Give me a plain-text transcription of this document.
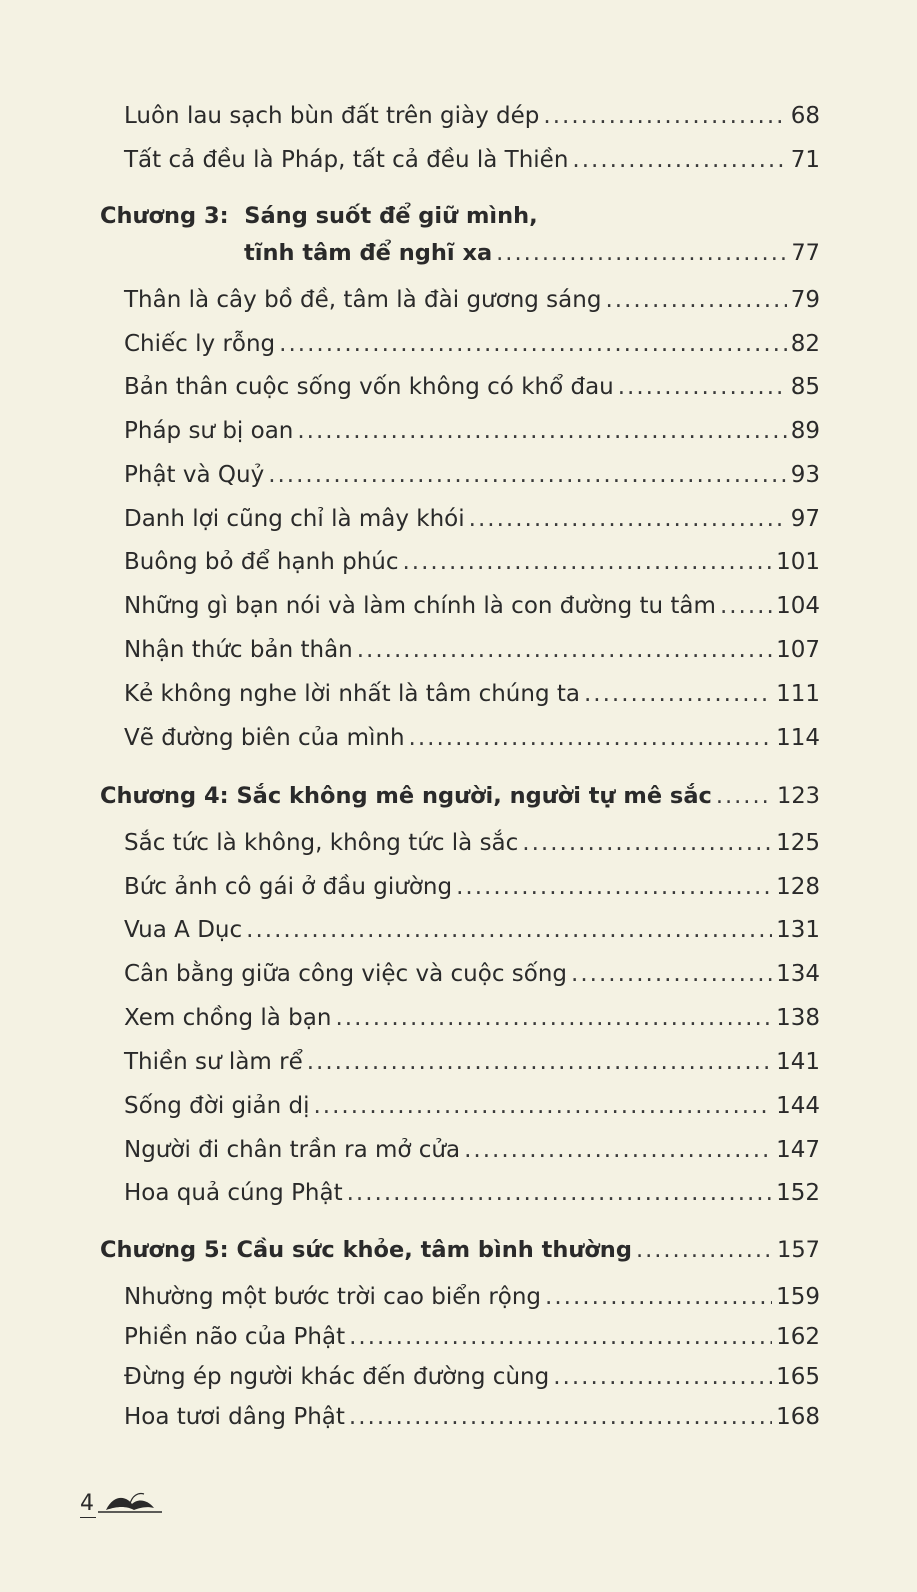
Luôn lau sạch bùn đất trên giày dép .....	68
Tất cả đều là Pháp, tất cả đều là Thiền .....	71
Chương 3: Sáng suốt để giữ mình,
tĩnh tâm để nghĩ xa .....	77
Thân là cây bồ đề, tâm là đài gương sáng .....	79
Chiếc ly rỗng .....	82
Bản thân cuộc sống vốn không có khổ đau .....	85
Pháp sư bị oan .....	89
Phật và Quỷ .....	93
Danh lợi cũng chỉ là mây khói .....	97
Buông bỏ để hạnh phúc .....	101
Những gì bạn nói và làm chính là con đường tu tâm .....	104
Nhận thức bản thân .....	107
Kẻ không nghe lời nhất là tâm chúng ta .....	111
Vẽ đường biên của mình .....	114
Chương 4: Sắc không mê người, người tự mê sắc .....	123
Sắc tức là không, không tức là sắc .....	125
Bức ảnh cô gái ở đầu giường .....	128
Vua A Dục .....	131
Cân bằng giữa công việc và cuộc sống .....	134
Xem chồng là bạn .....	138
Thiền sư làm rể .....	141
Sống đời giản dị .....	144
Người đi chân trần ra mở cửa .....	147
Hoa quả cúng Phật .....	152
Chương 5: Cầu sức khỏe, tâm bình thường .....	157
Nhường một bước trời cao biển rộng .....	159
Phiền não của Phật .....	162
Đừng ép người khác đến đường cùng .....	165
Hoa tươi dâng Phật .....	168
4
